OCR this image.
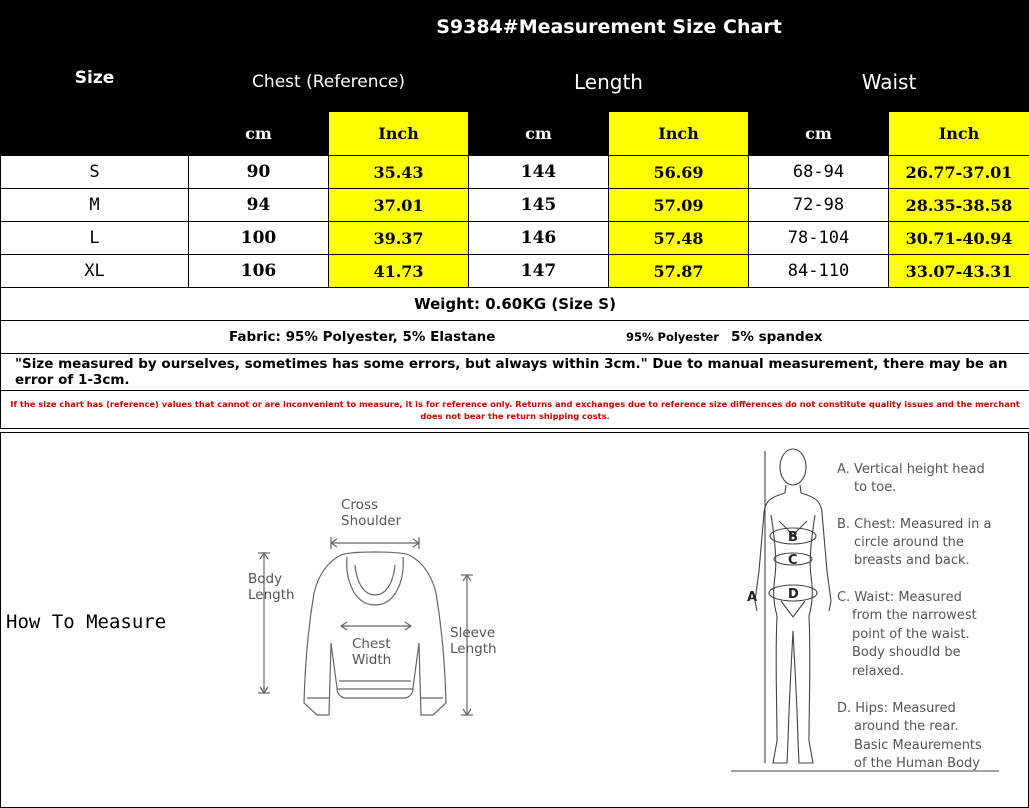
Size	S9384#Measurement Size Chart					
	Chest (Reference)		Length		Waist	
	cm	Inch	cm	Inch	cm	Inch
S	90	35.43	144	56.69	68-94	26.77-37.01
M	94	37.01	145	57.09	72-98	28.35-38.58
L	100	39.37	146	57.48	78-104	30.71-40.94
XL	106	41.73	147	57.87	84-110	33.07-43.31
Weight: 0.60KG (Size S)						

Fabric: 95% Polyester, 5% Elastane 95% Polyester 5% spandex						

"Size measured by ourselves, sometimes has some errors, but always within 3cm." Due to manual measurement, there may be an error of 1-3cm.						
If the size chart has (reference) values that cannot or are inconvenient to measure, it is for reference only. Returns and exchanges due to reference size differences do not constitute quality issues and the merchant does not bear the return shipping costs.						
How To Measure
Cross
Shoulder
Body
Length
Chest
Width
Sleeve
Length
A
B
C
D
A. Vertical height head
to toe.
B. Chest: Measured in a
circle around the
breasts and back.
C. Waist: Measured
from the narrowest
point of the waist.
Body shoudld be
relaxed.
D. Hips: Measured
around the rear.
Basic Meaurements
of the Human Body
